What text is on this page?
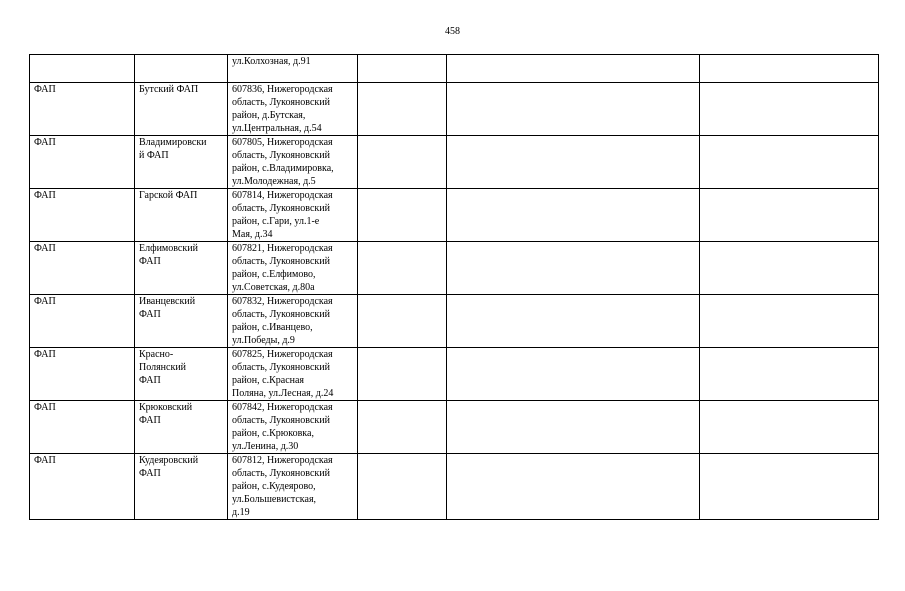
458
		ул.Колхозная, д.91			
ФАП	Бутский ФАП	607836, Нижегородская
область, Лукояновский
район, д.Бутская,
ул.Центральная, д.54			
ФАП	Владимировски
й ФАП	607805, Нижегородская
область, Лукояновский
район, с.Владимировка,
ул.Молодежная, д.5			
ФАП	Гарской ФАП	607814, Нижегородская
область, Лукояновский
район, с.Гари, ул.1-е
Мая, д.34			
ФАП	Елфимовский
ФАП	607821, Нижегородская
область, Лукояновский
район, с.Елфимово,
ул.Советская, д.80а			
ФАП	Иванцевский
ФАП	607832, Нижегородская
область, Лукояновский
район, с.Иванцево,
ул.Победы, д.9			
ФАП	Красно-
Полянский
ФАП	607825, Нижегородская
область, Лукояновский
район, с.Красная
Поляна, ул.Лесная, д.24			
ФАП	Крюковский
ФАП	607842, Нижегородская
область, Лукояновский
район, с.Крюковка,
ул.Ленина, д.30			
ФАП	Кудеяровский
ФАП	607812, Нижегородская
область, Лукояновский
район, с.Кудеярово,
ул.Большевистская,
д.19			
